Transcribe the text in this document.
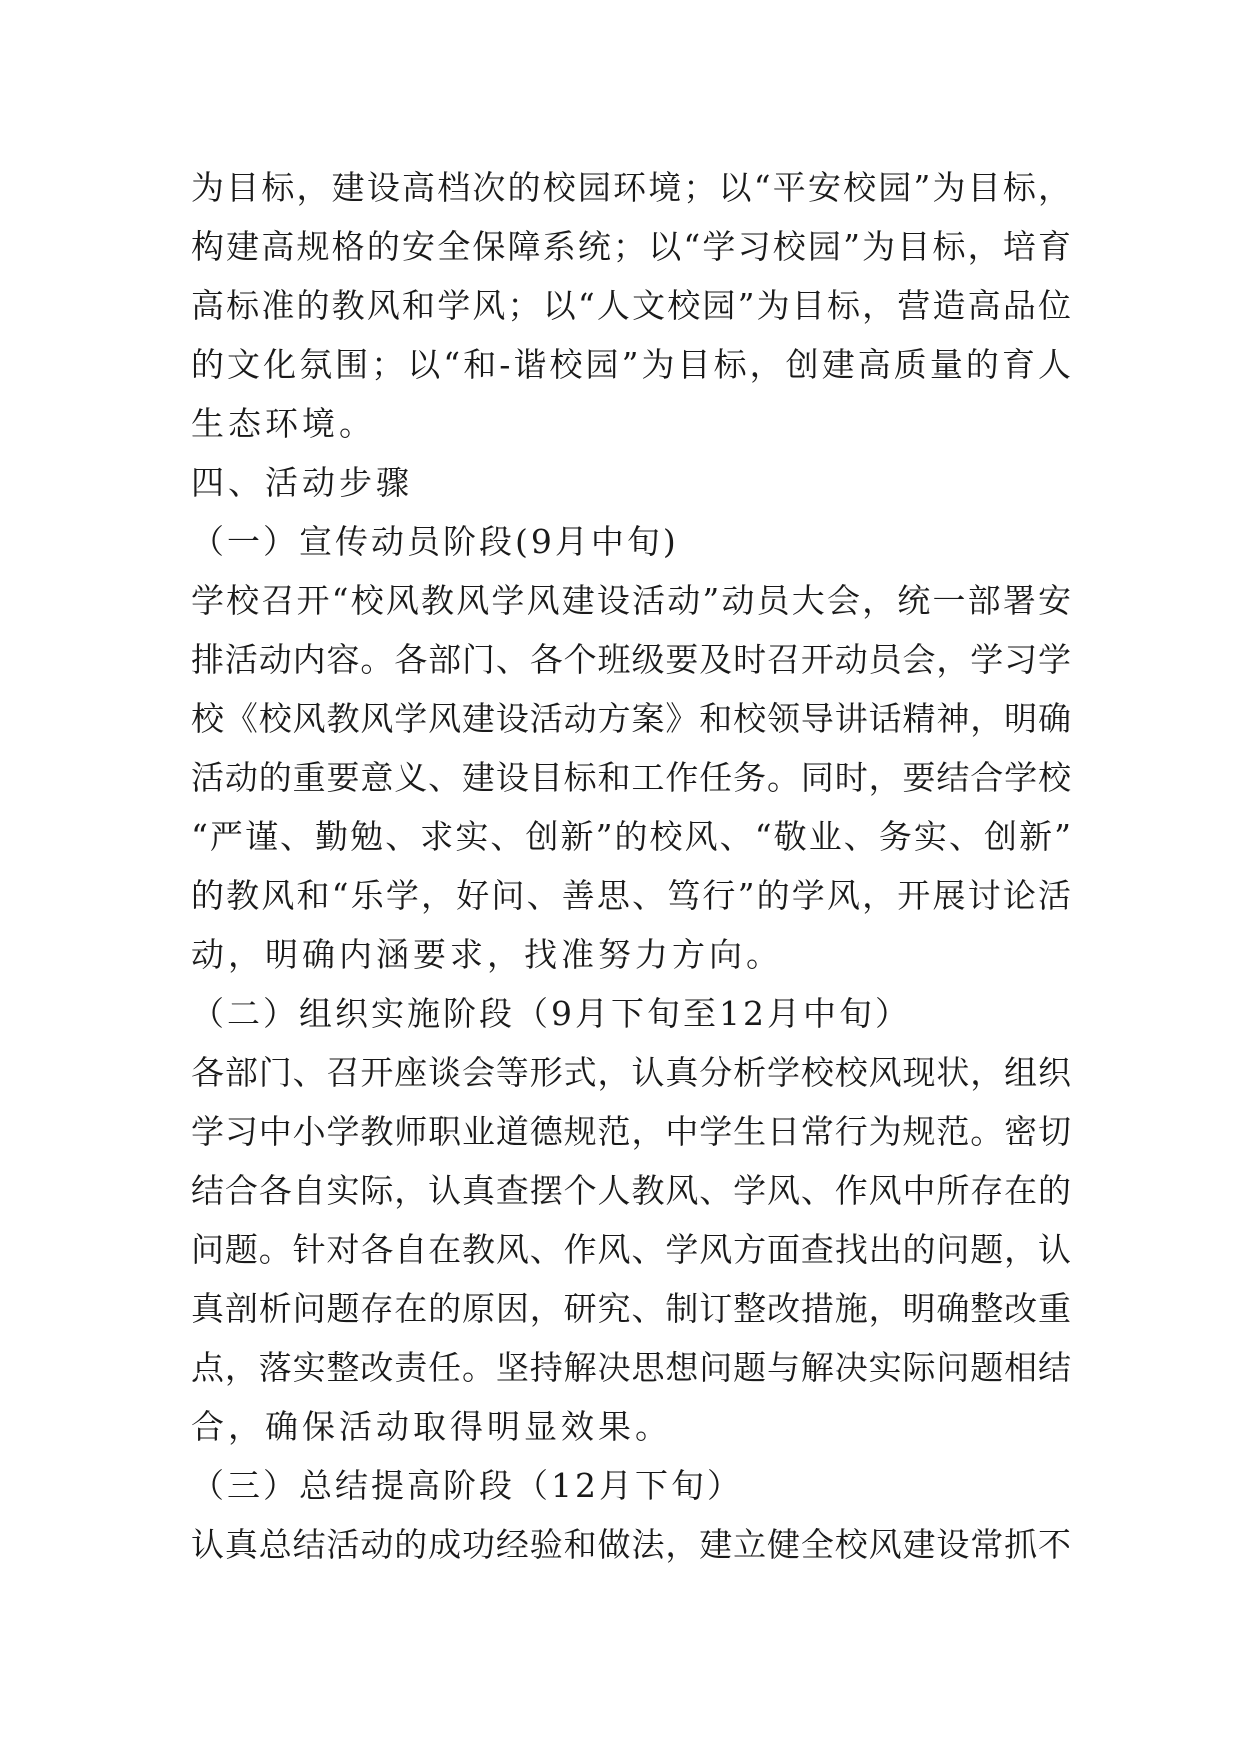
为目标，建设高档次的校园环境；以“平安校园”为目标，
构建高规格的安全保障系统；以“学习校园”为目标，培育
高标准的教风和学风；以“人文校园”为目标，营造高品位
的文化氛围；以“和-谐校园”为目标，创建高质量的育人
生态环境。
四、活动步骤
（一）宣传动员阶段(9月中旬)
学校召开“校风教风学风建设活动”动员大会，统一部署安
排活动内容。各部门、各个班级要及时召开动员会，学习学
校《校风教风学风建设活动方案》和校领导讲话精神，明确
活动的重要意义、建设目标和工作任务。同时，要结合学校
“严谨、勤勉、求实、创新”的校风、“敬业、务实、创新”
的教风和“乐学，好问、善思、笃行”的学风，开展讨论活
动，明确内涵要求，找准努力方向。
（二）组织实施阶段（9月下旬至12月中旬）
各部门、召开座谈会等形式，认真分析学校校风现状，组织
学习中小学教师职业道德规范，中学生日常行为规范。密切
结合各自实际，认真查摆个人教风、学风、作风中所存在的
问题。针对各自在教风、作风、学风方面查找出的问题，认
真剖析问题存在的原因，研究、制订整改措施，明确整改重
点，落实整改责任。坚持解决思想问题与解决实际问题相结
合，确保活动取得明显效果。
（三）总结提高阶段（12月下旬）
认真总结活动的成功经验和做法，建立健全校风建设常抓不
